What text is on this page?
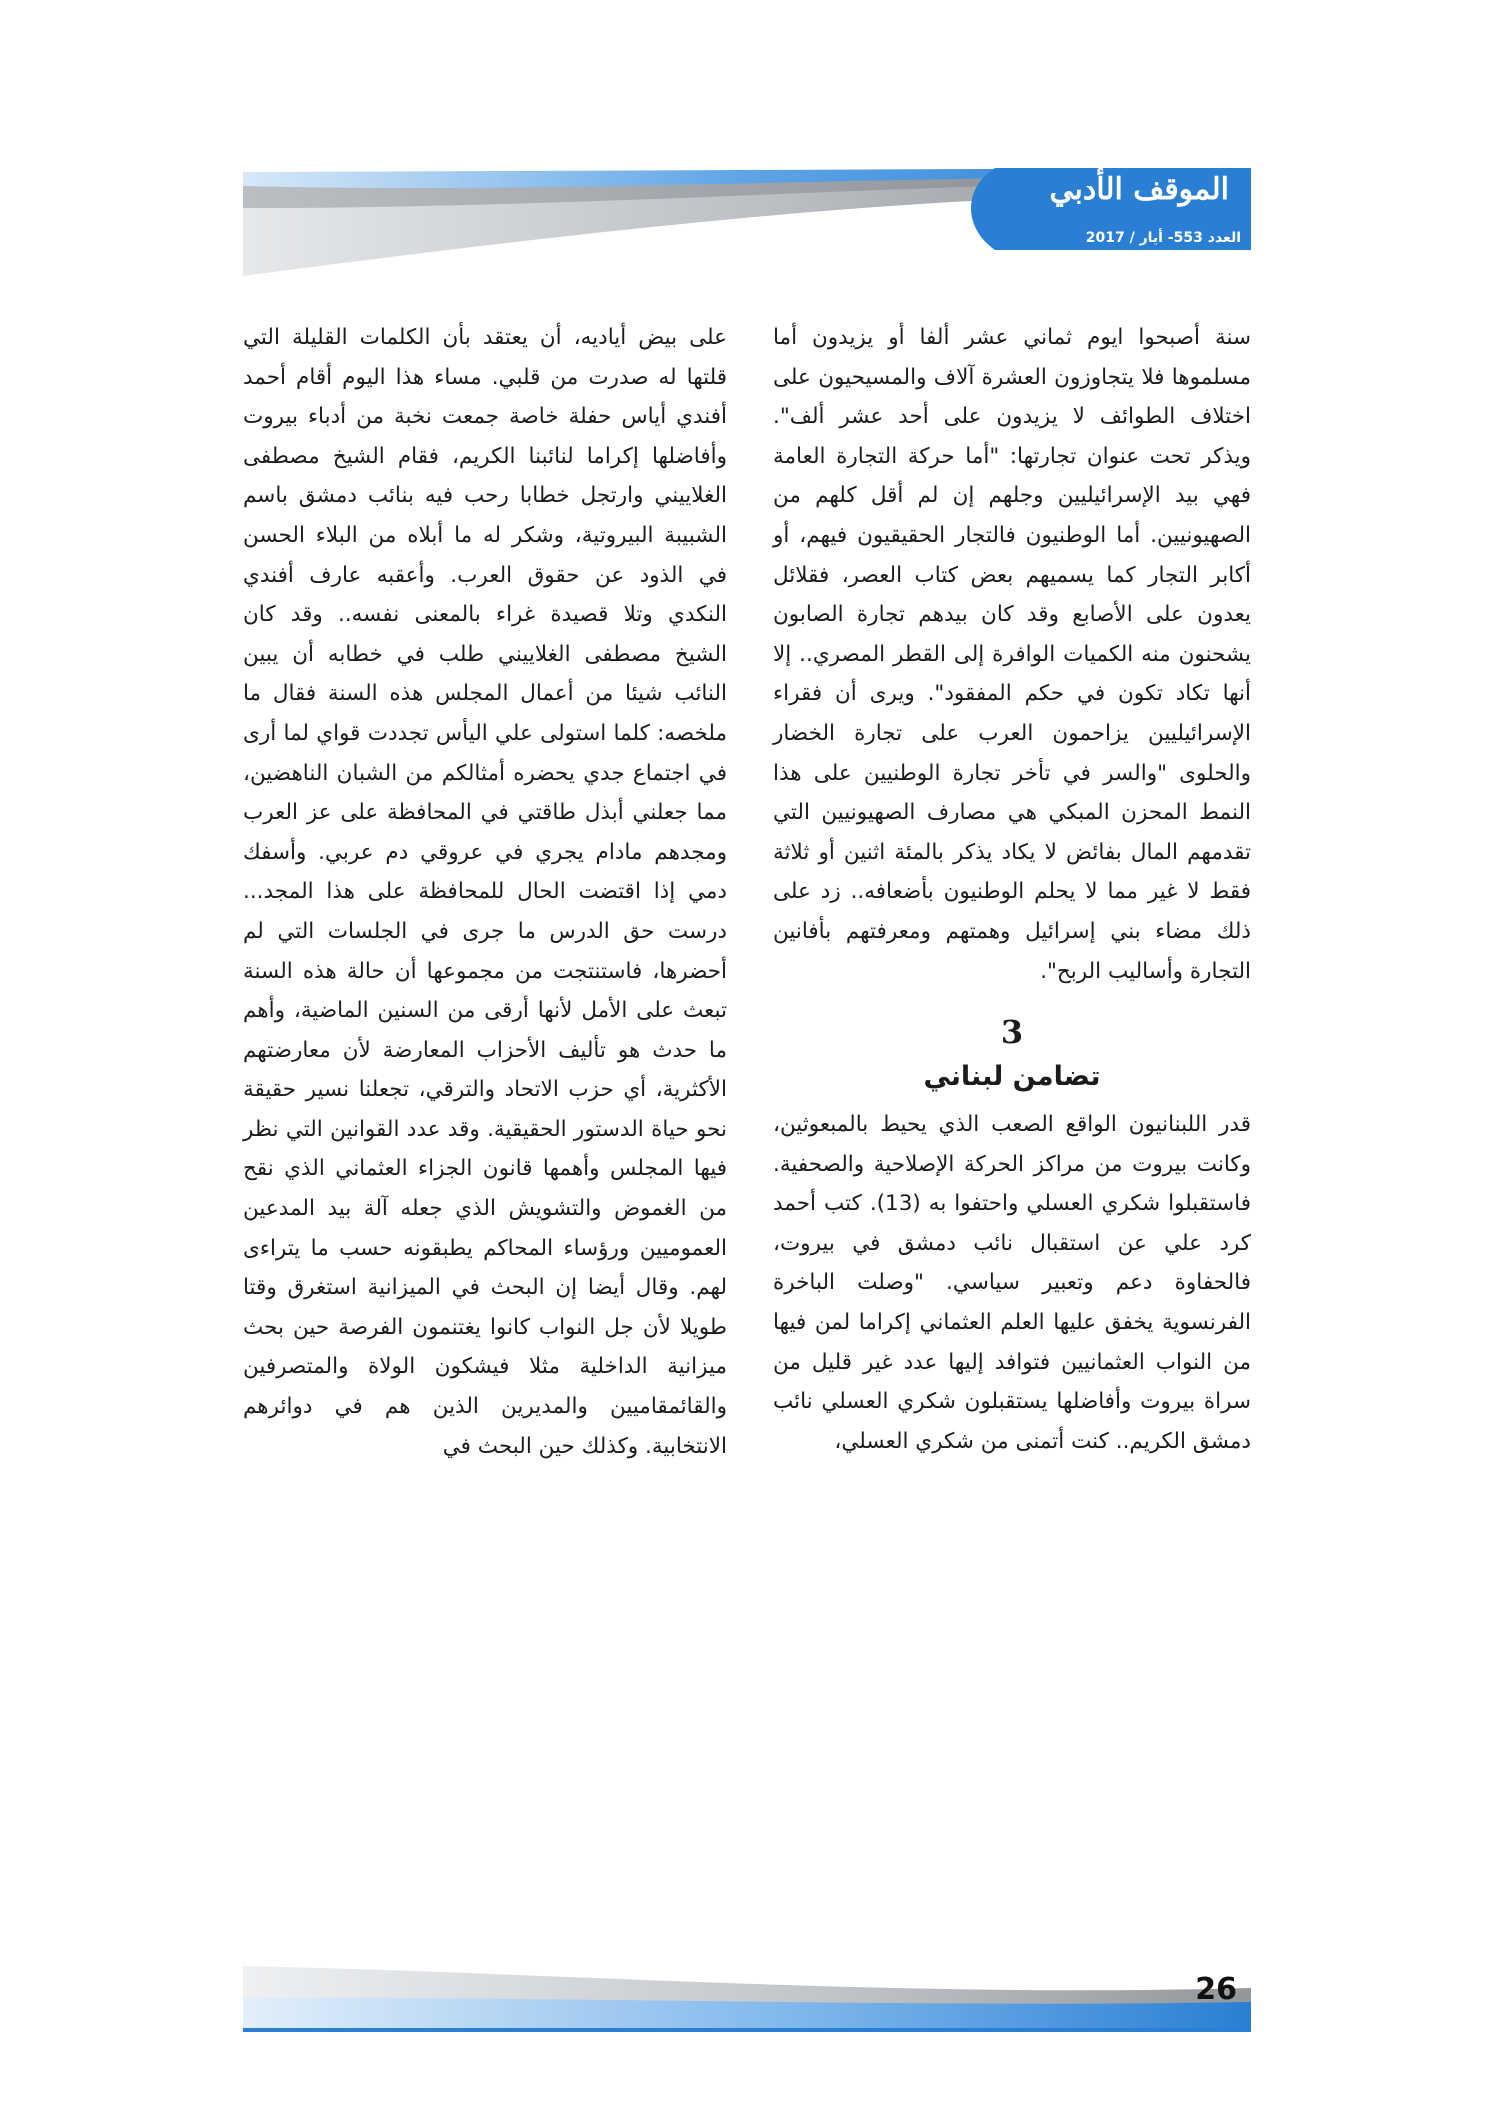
الموقف الأدبي
العدد 553- أيار / 2017

سنة أصبحوا ايوم ثماني عشر ألفا أو يزيدون أما مسلموها فلا يتجاوزون العشرة آلاف والمسيحيون على اختلاف الطوائف لا يزيدون على أحد عشر ألف". ويذكر تحت عنوان تجارتها: "أما حركة التجارة العامة فهي بيد الإسرائيليين وجلهم إن لم أقل كلهم من الصهيونيين. أما الوطنيون فالتجار الحقيقيون فيهم، أو أكابر التجار كما يسميهم بعض كتاب العصر، فقلائل يعدون على الأصابع وقد كان بيدهم تجارة الصابون يشحنون منه الكميات الوافرة إلى القطر المصري.. إلا أنها تكاد تكون في حكم المفقود". ويرى أن فقراء الإسرائيليين يزاحمون العرب على تجارة الخضار والحلوى "والسر في تأخر تجارة الوطنيين على هذا النمط المحزن المبكي هي مصارف الصهيونيين التي تقدمهم المال بفائض لا يكاد يذكر بالمئة اثنين أو ثلاثة فقط لا غير مما لا يحلم الوطنيون بأضعافه.. زد على ذلك مضاء بني إسرائيل وهمتهم ومعرفتهم بأفانين التجارة وأساليب الربح".

3
تضامن لبناني

قدر اللبنانيون الواقع الصعب الذي يحيط بالمبعوثين، وكانت بيروت من مراكز الحركة الإصلاحية والصحفية. فاستقبلوا شكري العسلي واحتفوا به (13). كتب أحمد كرد علي عن استقبال نائب دمشق في بيروت، فالحفاوة دعم وتعبير سياسي. "وصلت الباخرة الفرنسوية يخفق عليها العلم العثماني إكراما لمن فيها من النواب العثمانيين فتوافد إليها عدد غير قليل من سراة بيروت وأفاضلها يستقبلون شكري العسلي نائب دمشق الكريم.. كنت أتمنى من شكري العسلي،

على بيض أياديه، أن يعتقد بأن الكلمات القليلة التي قلتها له صدرت من قلبي. مساء هذا اليوم أقام أحمد أفندي أياس حفلة خاصة جمعت نخبة من أدباء بيروت وأفاضلها إكراما لنائبنا الكريم، فقام الشيخ مصطفى الغلاييني وارتجل خطابا رحب فيه بنائب دمشق باسم الشبيبة البيروتية، وشكر له ما أبلاه من البلاء الحسن في الذود عن حقوق العرب. وأعقبه عارف أفندي النكدي وتلا قصيدة غراء بالمعنى نفسه.. وقد كان الشيخ مصطفى الغلاييني طلب في خطابه أن يبين النائب شيئا من أعمال المجلس هذه السنة فقال ما ملخصه: كلما استولى علي اليأس تجددت قواي لما أرى في اجتماع جدي يحضره أمثالكم من الشبان الناهضين، مما جعلني أبذل طاقتي في المحافظة على عز العرب ومجدهم مادام يجري في عروقي دم عربي. وأسفك دمي إذا اقتضت الحال للمحافظة على هذا المجد... درست حق الدرس ما جرى في الجلسات التي لم أحضرها، فاستنتجت من مجموعها أن حالة هذه السنة تبعث على الأمل لأنها أرقى من السنين الماضية، وأهم ما حدث هو تأليف الأحزاب المعارضة لأن معارضتهم الأكثرية، أي حزب الاتحاد والترقي، تجعلنا نسير حقيقة نحو حياة الدستور الحقيقية. وقد عدد القوانين التي نظر فيها المجلس وأهمها قانون الجزاء العثماني الذي نقح من الغموض والتشويش الذي جعله آلة بيد المدعين العموميين ورؤساء المحاكم يطبقونه حسب ما يتراءى لهم. وقال أيضا إن البحث في الميزانية استغرق وقتا طويلا لأن جل النواب كانوا يغتنمون الفرصة حين بحث ميزانية الداخلية مثلا فيشكون الولاة والمتصرفين والقائمقاميين والمديرين الذين هم في دوائرهم الانتخابية. وكذلك حين البحث في

26
